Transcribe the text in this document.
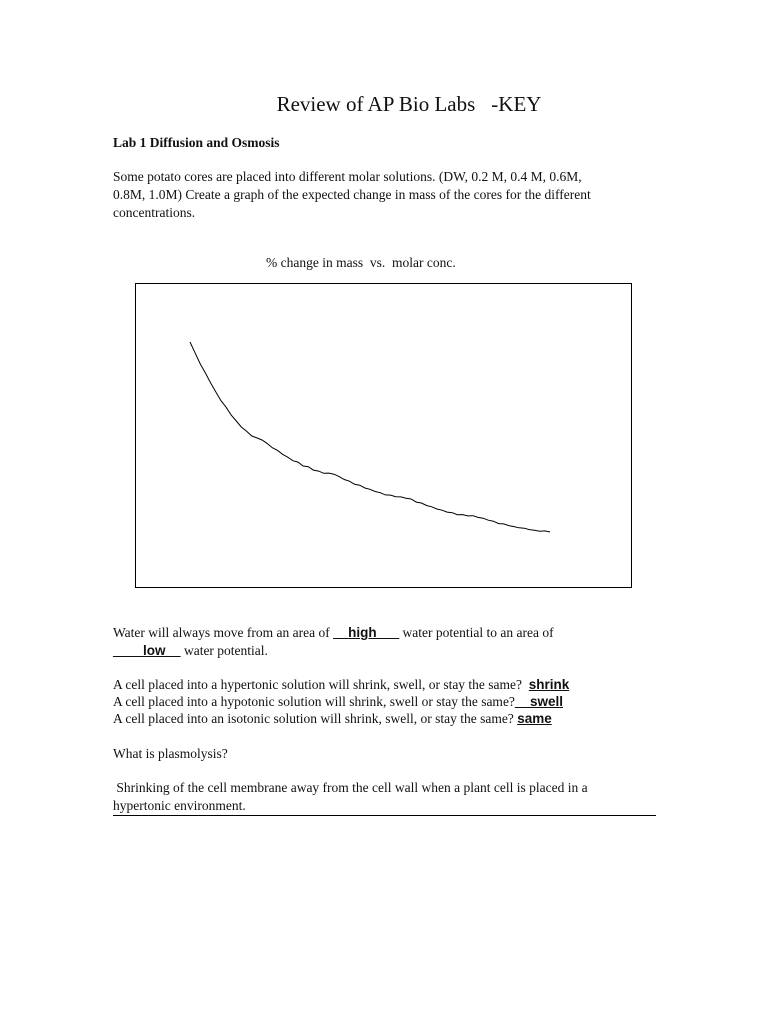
Review of AP Bio Labs -KEY
Lab 1 Diffusion and Osmosis
Some potato cores are placed into different molar solutions. (DW, 0.2 M, 0.4 M, 0.6M,
0.8M, 1.0M) Create a graph of the expected change in mass of the cores for the different
concentrations.
% change in mass  vs.  molar conc.
Water will always move from an area of __high___ water potential to an area of
____low__ water potential.
A cell placed into a hypertonic solution will shrink, swell, or stay the same?  shrink
A cell placed into a hypotonic solution will shrink, swell or stay the same?__swell
A cell placed into an isotonic solution will shrink, swell, or stay the same? same
What is plasmolysis?
Shrinking of the cell membrane away from the cell wall when a plant cell is placed in a
hypertonic environment.
